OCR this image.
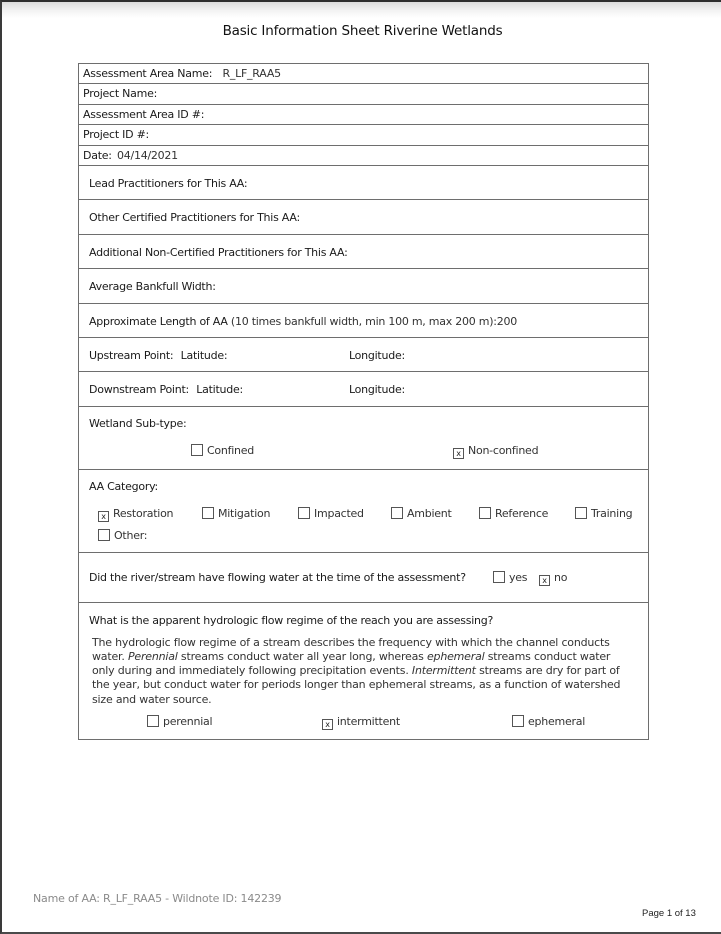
Basic Information Sheet Riverine Wetlands
Assessment Area Name: R_LF_RAA5
Project Name:
Assessment Area ID #:
Project ID #:
Date: 04/14/2021
Lead Practitioners for This AA:
Other Certified Practitioners for This AA:
Additional Non-Certified Practitioners for This AA:
Average Bankfull Width:
Approximate Length of AA (10 times bankfull width, min 100 m, max 200 m):200
Upstream Point: Latitude:	Longitude:
Downstream Point: Latitude:	Longitude:
Wetland Sub-type:
Confined	x Non-confined
AA Category:
x Restoration	Mitigation	Impacted	Ambient	Reference	Training
Other:
Did the river/stream have flowing water at the time of the assessment?	yes	x no
What is the apparent hydrologic flow regime of the reach you are assessing?
The hydrologic flow regime of a stream describes the frequency with which the channel conducts water. Perennial streams conduct water all year long, whereas ephemeral streams conduct water only during and immediately following precipitation events. Intermittent streams are dry for part of the year, but conduct water for periods longer than ephemeral streams, as a function of watershed size and water source.
perennial	x intermittent	ephemeral
Name of AA: R_LF_RAA5 - Wildnote ID: 142239
Page 1 of 13
